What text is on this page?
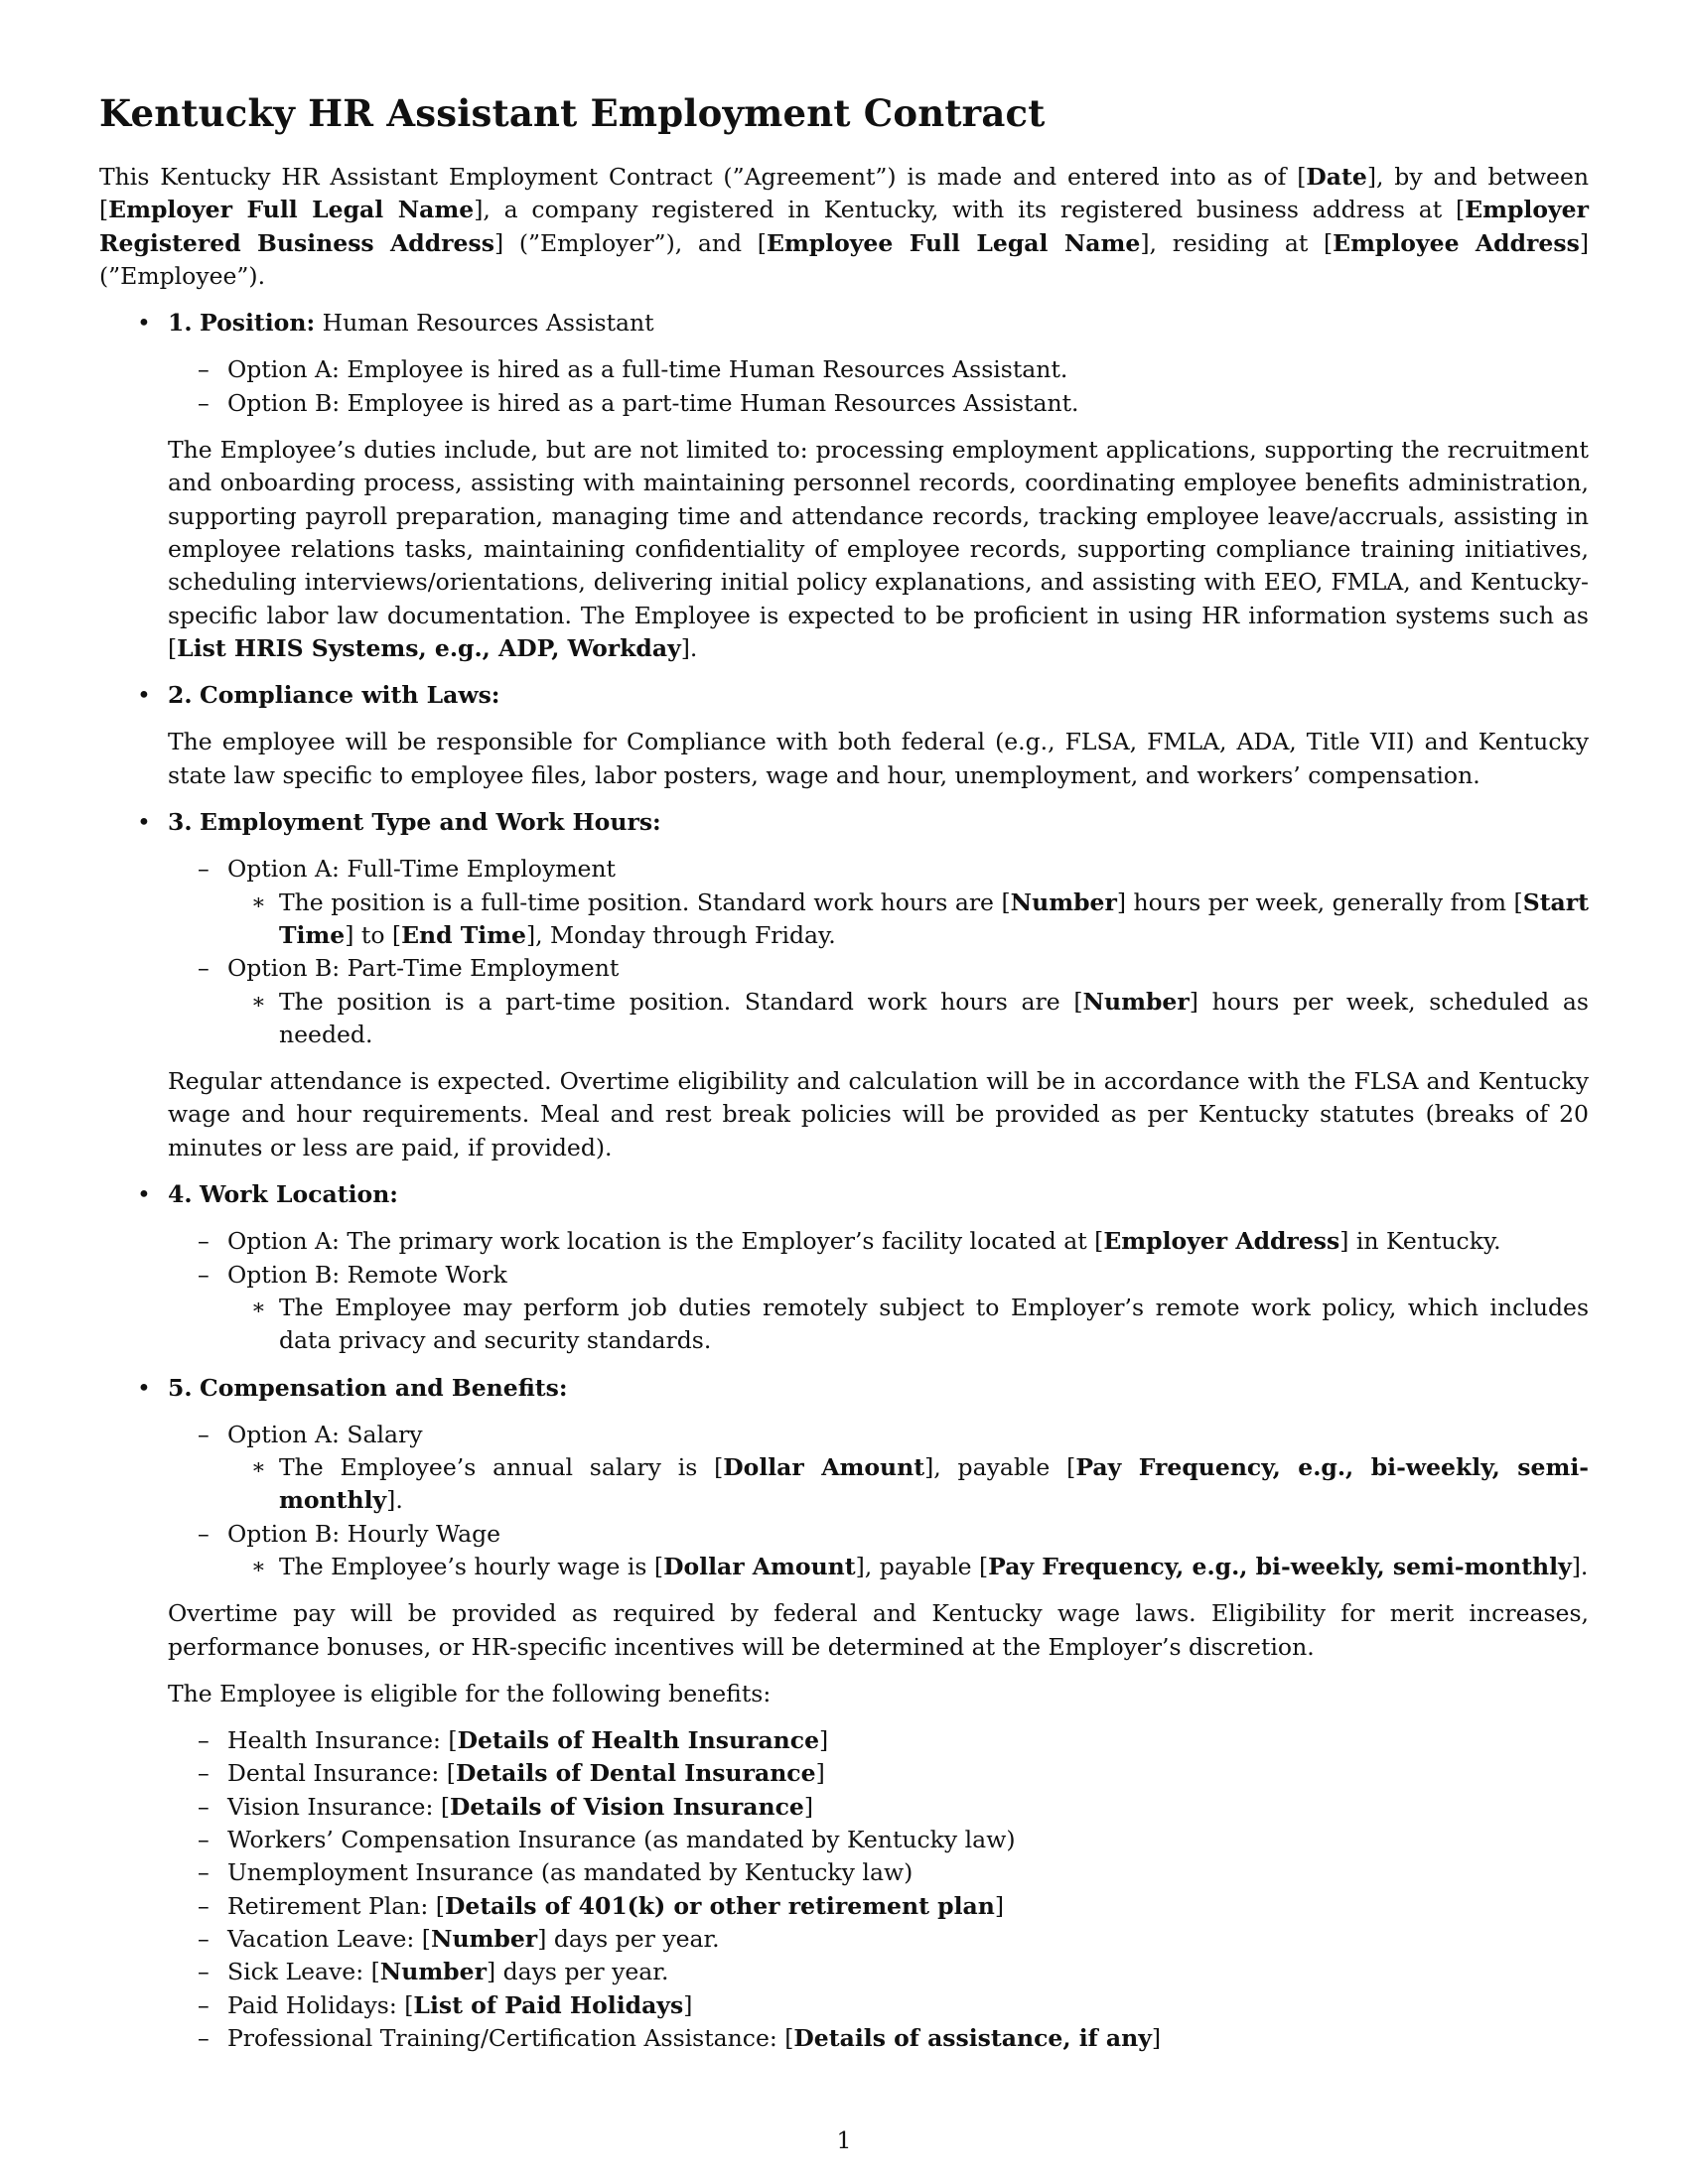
Kentucky HR Assistant Employment Contract

This Kentucky HR Assistant Employment Contract (”Agreement”) is made and entered into as of [Date], by and between [Employer Full Legal Name], a company registered in Kentucky, with its registered business address at [Employer Registered Business Address] (”Employer”), and [Employee Full Legal Name], residing at [Employee Address] (”Employee”).

• 1. Position: Human Resources Assistant

– Option A: Employee is hired as a full-time Human Resources Assistant.
– Option B: Employee is hired as a part-time Human Resources Assistant.

The Employee’s duties include, but are not limited to: processing employment applications, supporting the recruitment and onboarding process, assisting with maintaining personnel records, coordinating employee benefits administration, supporting payroll preparation, managing time and attendance records, tracking employee leave/accruals, assisting in employee relations tasks, maintaining confidentiality of employee records, supporting compliance training initiatives, scheduling interviews/orientations, delivering initial policy explanations, and assisting with EEO, FMLA, and Kentucky-specific labor law documentation. The Employee is expected to be proficient in using HR information systems such as [List HRIS Systems, e.g., ADP, Workday].

• 2. Compliance with Laws:

The employee will be responsible for Compliance with both federal (e.g., FLSA, FMLA, ADA, Title VII) and Kentucky state law specific to employee files, labor posters, wage and hour, unemployment, and workers’ compensation.

• 3. Employment Type and Work Hours:

– Option A: Full-Time Employment
∗ The position is a full-time position. Standard work hours are [Number] hours per week, generally from [Start Time] to [End Time], Monday through Friday.
– Option B: Part-Time Employment
∗ The position is a part-time position. Standard work hours are [Number] hours per week, scheduled as needed.

Regular attendance is expected. Overtime eligibility and calculation will be in accordance with the FLSA and Kentucky wage and hour requirements. Meal and rest break policies will be provided as per Kentucky statutes (breaks of 20 minutes or less are paid, if provided).

• 4. Work Location:

– Option A: The primary work location is the Employer’s facility located at [Employer Address] in Kentucky.
– Option B: Remote Work
∗ The Employee may perform job duties remotely subject to Employer’s remote work policy, which includes data privacy and security standards.

• 5. Compensation and Benefits:

– Option A: Salary
∗ The Employee’s annual salary is [Dollar Amount], payable [Pay Frequency, e.g., bi-weekly, semi-monthly].
– Option B: Hourly Wage
∗ The Employee’s hourly wage is [Dollar Amount], payable [Pay Frequency, e.g., bi-weekly, semi-monthly].

Overtime pay will be provided as required by federal and Kentucky wage laws. Eligibility for merit increases, performance bonuses, or HR-specific incentives will be determined at the Employer’s discretion.

The Employee is eligible for the following benefits:

– Health Insurance: [Details of Health Insurance]
– Dental Insurance: [Details of Dental Insurance]
– Vision Insurance: [Details of Vision Insurance]
– Workers’ Compensation Insurance (as mandated by Kentucky law)
– Unemployment Insurance (as mandated by Kentucky law)
– Retirement Plan: [Details of 401(k) or other retirement plan]
– Vacation Leave: [Number] days per year.
– Sick Leave: [Number] days per year.
– Paid Holidays: [List of Paid Holidays]
– Professional Training/Certification Assistance: [Details of assistance, if any]
1
